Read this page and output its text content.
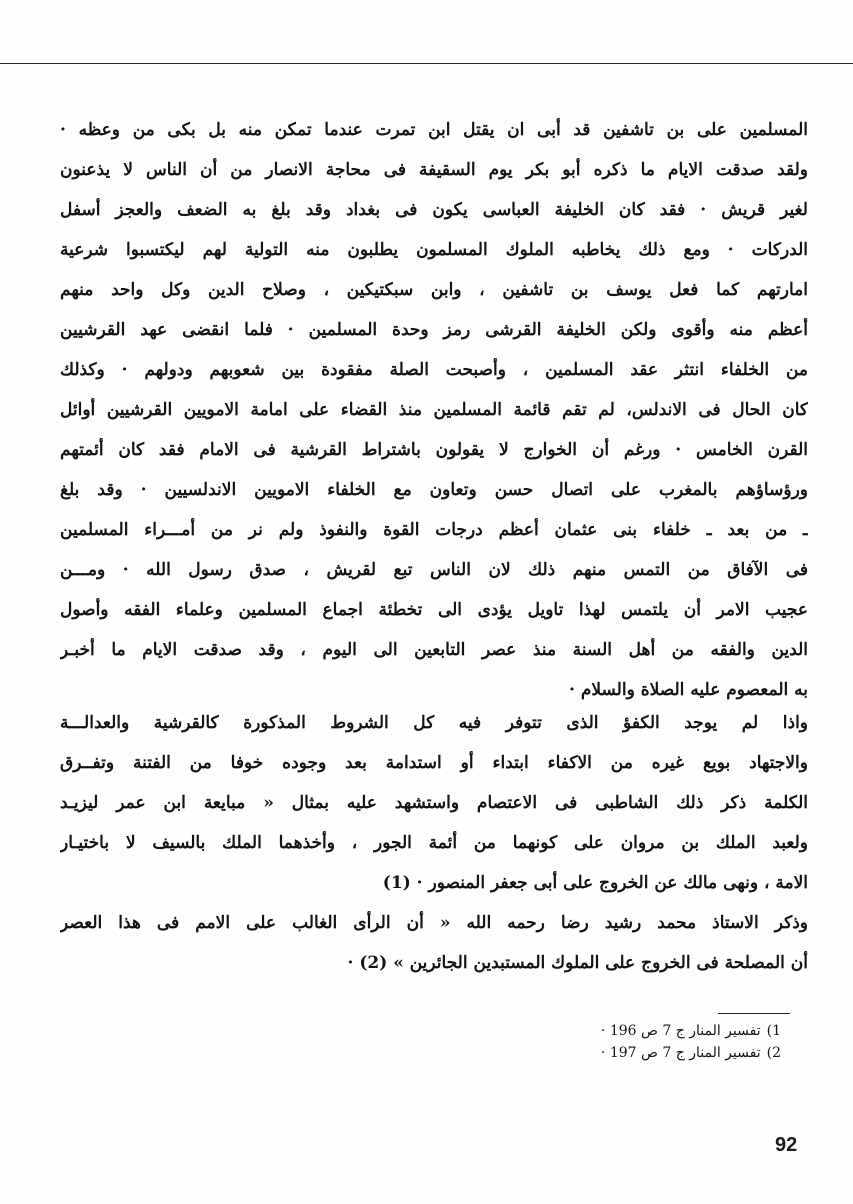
المسلمين على بن تاشفين قد أبى ان يقتل ابن تمرت عندما تمكن منه بل بكى من وعظه ·
ولقد صدقت الايام ما ذكره أبو بكر يوم السقيفة فى محاجة الانصار من أن الناس لا يذعنون
لغير قريش · فقد كان الخليفة العباسى يكون فى بغداد وقد بلغ به الضعف والعجز أسفل
الدركات · ومع ذلك يخاطبه الملوك المسلمون يطلبون منه التولية لهم ليكتسبوا شرعية
امارتهم كما فعل يوسف بن تاشفين ، وابن سبكتيكين ، وصلاح الدين وكل واحد منهم
أعظم منه وأقوى ولكن الخليفة القرشى رمز وحدة المسلمين · فلما انقضى عهد القرشيين
من الخلفاء انتثر عقد المسلمين ، وأصبحت الصلة مفقودة بين شعوبهم ودولهم · وكذلك
كان الحال فى الاندلس، لم تقم قائمة المسلمين منذ القضاء على امامة الامويين القرشيين أوائل
القرن الخامس · ورغم أن الخوارج لا يقولون باشتراط القرشية فى الامام فقد كان أئمتهم
ورؤساؤهم بالمغرب على اتصال حسن وتعاون مع الخلفاء الامويين الاندلسيين · وقد بلغ
ـ من بعد ـ خلفاء بنى عثمان أعظم درجات القوة والنفوذ ولم نر من أمـــراء المسلمين
فى الآفاق من التمس منهم ذلك لان الناس تبع لقريش ، صدق رسول الله · ومـــن
عجيب الامر أن يلتمس لهذا تاويل يؤدى الى تخطئة اجماع المسلمين وعلماء الفقه وأصول
الدين والفقه من أهل السنة منذ عصر التابعين الى اليوم ، وقد صدقت الايام ما أخبـر
به المعصوم عليه الصلاة والسلام ·
واذا لم يوجد الكفؤ الذى تتوفر فيه كل الشروط المذكورة كالقرشية والعدالـــة
والاجتهاد بويع غيره من الاكفاء ابتداء أو استدامة بعد وجوده خوفا من الفتنة وتفــرق
الكلمة ذكر ذلك الشاطبى فى الاعتصام واستشهد عليه بمثال « مبايعة ابن عمر ليزيـد
ولعبد الملك بن مروان على كونهما من أئمة الجور ، وأخذهما الملك بالسيف لا باختيـار
الامة ، ونهى مالك عن الخروج على أبى جعفر المنصور · (1)
وذكر الاستاذ محمد رشيد رضا رحمه الله « أن الرأى الغالب على الامم فى هذا العصر
أن المصلحة فى الخروج على الملوك المستبدين الجائرين » (2) ·
1)تفسير المنار ج 7 ص 196 ·
2)تفسير المنار ج 7 ص 197 ·
92
